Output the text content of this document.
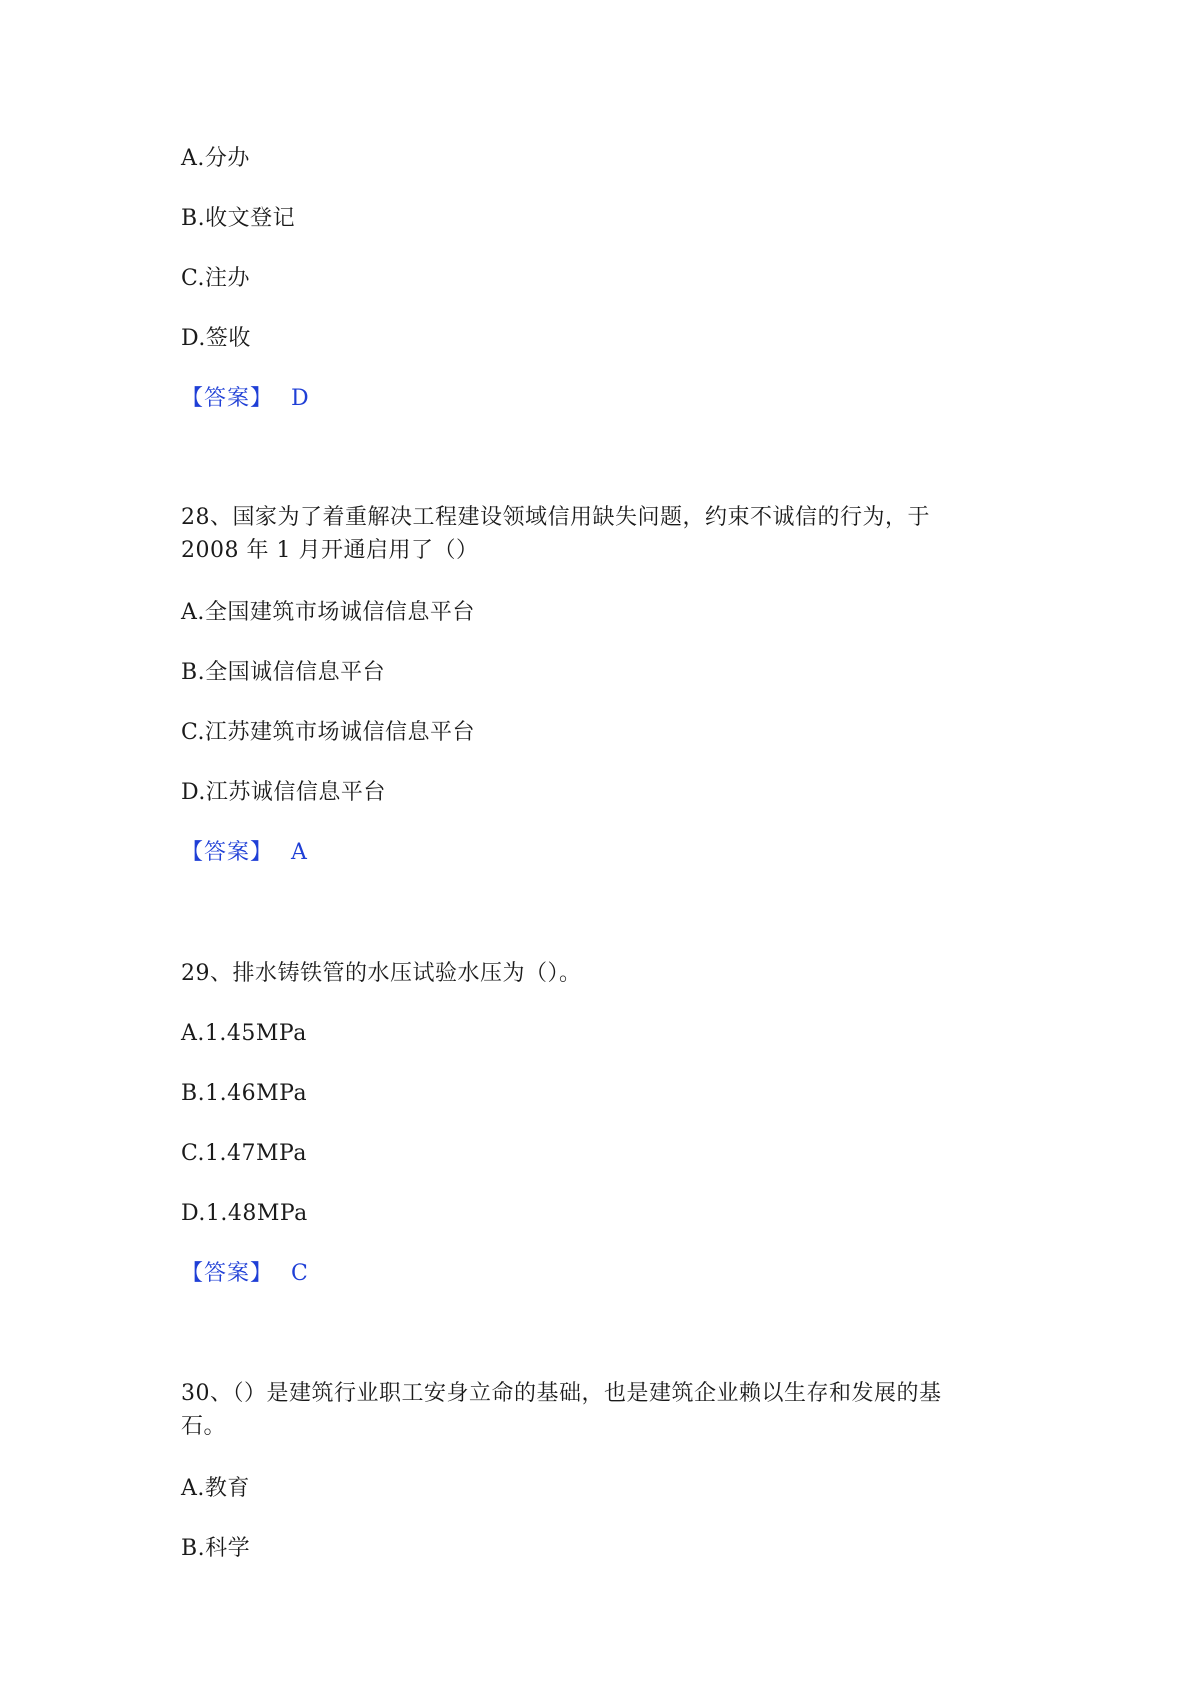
A.分办
B.收文登记
C.注办
D.签收
【答案】 D
28、国家为了着重解决工程建设领域信用缺失问题，约束不诚信的行为，于
2008 年 1 月开通启用了（）
A.全国建筑市场诚信信息平台
B.全国诚信信息平台
C.江苏建筑市场诚信信息平台
D.江苏诚信信息平台
【答案】 A
29、排水铸铁管的水压试验水压为（）。
A.1.45MPa
B.1.46MPa
C.1.47MPa
D.1.48MPa
【答案】 C
30、（）是建筑行业职工安身立命的基础，也是建筑企业赖以生存和发展的基
石。
A.教育
B.科学
